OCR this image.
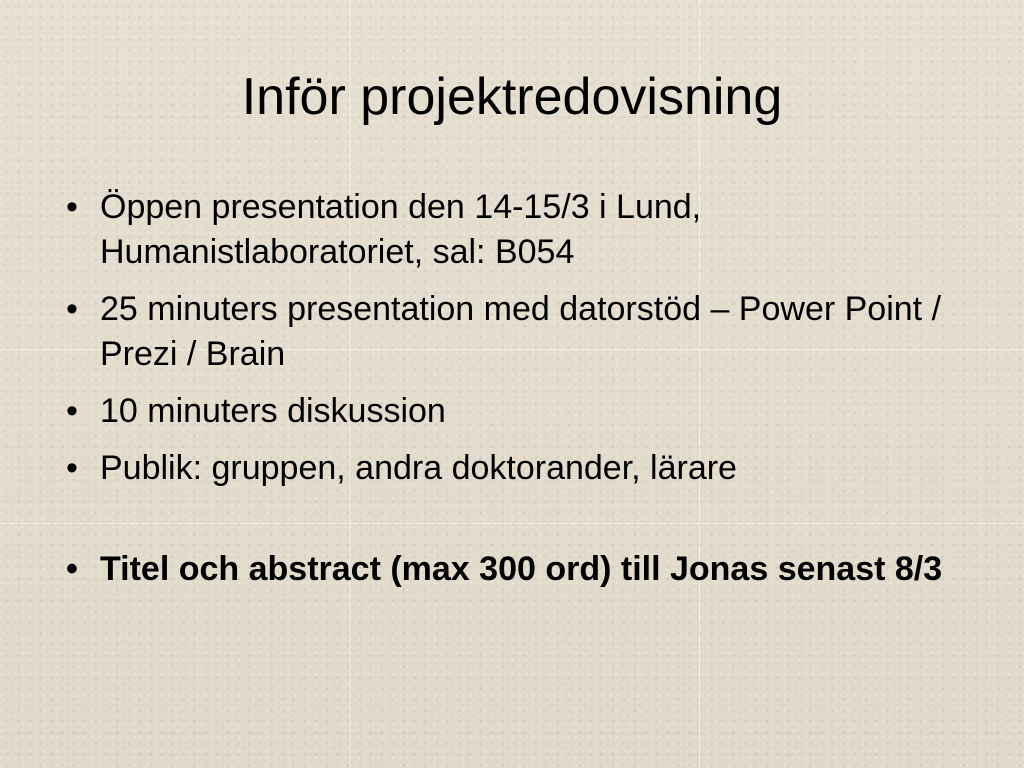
Inför projektredovisning
• Öppen presentation den 14-15/3 i Lund, Humanistlaboratoriet, sal: B054
• 25 minuters presentation med datorstöd – Power Point / Prezi / Brain
• 10 minuters diskussion
• Publik: gruppen, andra doktorander, lärare
• Titel och abstract (max 300 ord) till Jonas senast 8/3
